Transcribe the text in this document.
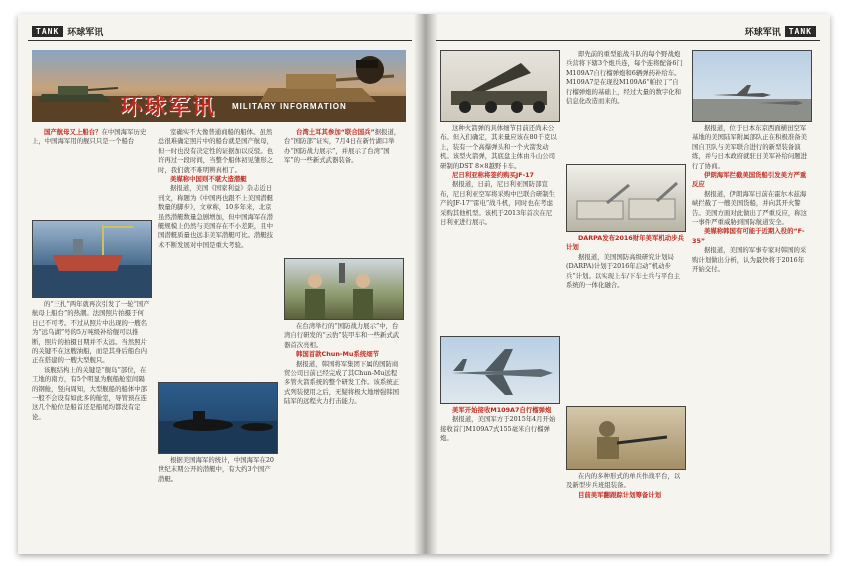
TANK 环球军讯
环球军讯 MILITARY INFORMATION

国产航母又上船台？在中国海军历史上，中国海军用的舰只只是一个船台

的“三扎”两年就再次引发了一轮“国产航母上船台”的热潮。法国照片拍摄于何日已不可考。不过从照片中出现的一艘名为“远乌湖”号的5万吨级补给舰可以推断，照片的拍摄日期并不太远。当然照片的关键不在这艘油船，而是其身后船台内正在搭建的一艘大型舰只。

该舰结构上的关键是“舰岛”部位，在工地的南方，有5个明显为舰船舱室间隔的钢舱，竖向周知，大型舰船的船体中部一般不会设有如此多的舱室，导管预在连这几个舱位是船首还是船尾均都没有定论。

室确实不大像普通商船的船体。虽然总很难确定照片中的船台就是国产航母，但一时也没有决定性的证据加以反驳。也许再过一段时间，当整个船体初见雏形之时，我们就不难明辨真相了。

美媒称中国则不堪大造潜艇

据报道，美国《国家利益》杂志近日刊文，称题为《中国再也跟不上美国潜艇数量的脚步》，文章称，10多年来，北京虽然潜艇数量急剧增加，但中国海军在潜艇规模上仍然与美国存在不小差距，且中国潜艇质量也远非美军潜艇可比。潜艇技术不断发展对中国是重大考验。

根据美国海军的统计，中国海军在20世纪末期公开的潜艇中，有大约3个国产潜艇。

台湾土耳其参加“联合国兵”据报道，台“国防部”证实，7月4日在新竹湖口举办“国防战力展示”，并展示了台湾“国军”的一些新式武器装备。

在台湾举行的“国防战力展示”中，台湾自行研发的“云豹”装甲车和一些新式武器首次亮相。

韩国首款Chun-Mu系统细节

据报道，韩国将军集团下属的国防商贸公司日前已经完成了其Chun-Mu远程多管火箭系统的整个研发工作。该系统正式列装使用之后，无疑将极大地增强韩国陆军的远程火力打击能力。

环球军讯	TANK

这种火箭弹的具体细节目前还尚未公布。但入们确定，其来量应该在80千克以上，装有一个高爆弹头和一个火箭发动机。该型火箭弹，其底盘主体由斗山公司研制的DST 8×8越野卡车。

尼日利亚称将签约购买JF-17

据报道，日前，尼日利亚国防部宣布，尼日利亚空军将采购中巴联合研制生产的JF-17“雷电”战斗机，同时也在考虑采购其他机型。该机于2013年首次在尼日利亚进行展示。

美军开始接收M109A7自行榴弹炮

据报道，美国军方于2015年4月开始接收首门M109A7式155毫米自行榴弹炮。

即先前的重型旅战斗队的每个野战炮兵营将下辖3个炮兵连，每个连将配备6门M109A7自行榴弹炮和6辆弹药补给车。M109A7是在现役M109A6“帕拉丁”自行榴弹炮的基础上，经过大量的数字化和信息化改造而来的。

DARPA发布2016财年美军机动步兵计划

据报道，美国国防高级研究计划局(DARPA)计划于2016年启动“机动步兵”计划。以实现上车/下车士兵与平台主系统的一体化融合。

在内的多种形式的单兵作战平台，以及新型步兵班组装备。

目前美军翻跟踪计划筹备计划

据报道，位于日本东京西面横田空军基地的美国陆军附属部队正在积极准备美国自卫队与美军联合进行的新型装备演练，并与日本政府就驻日美军补给问题进行了协商。

伊朗海军拦截美国货船引发美方严重反应

据报道，伊朗海军日前在霍尔木兹海峡拦截了一艘美国货船，并向其开火警告。美国方面对此做出了严重反应，称这一事件严重威胁到国际航道安全。

美媒称韩国有可能于近期入役的“F-35”

据报道，美国的军事专家对韩国的采购计划做出分析，认为最快将于2016年开始交付。
